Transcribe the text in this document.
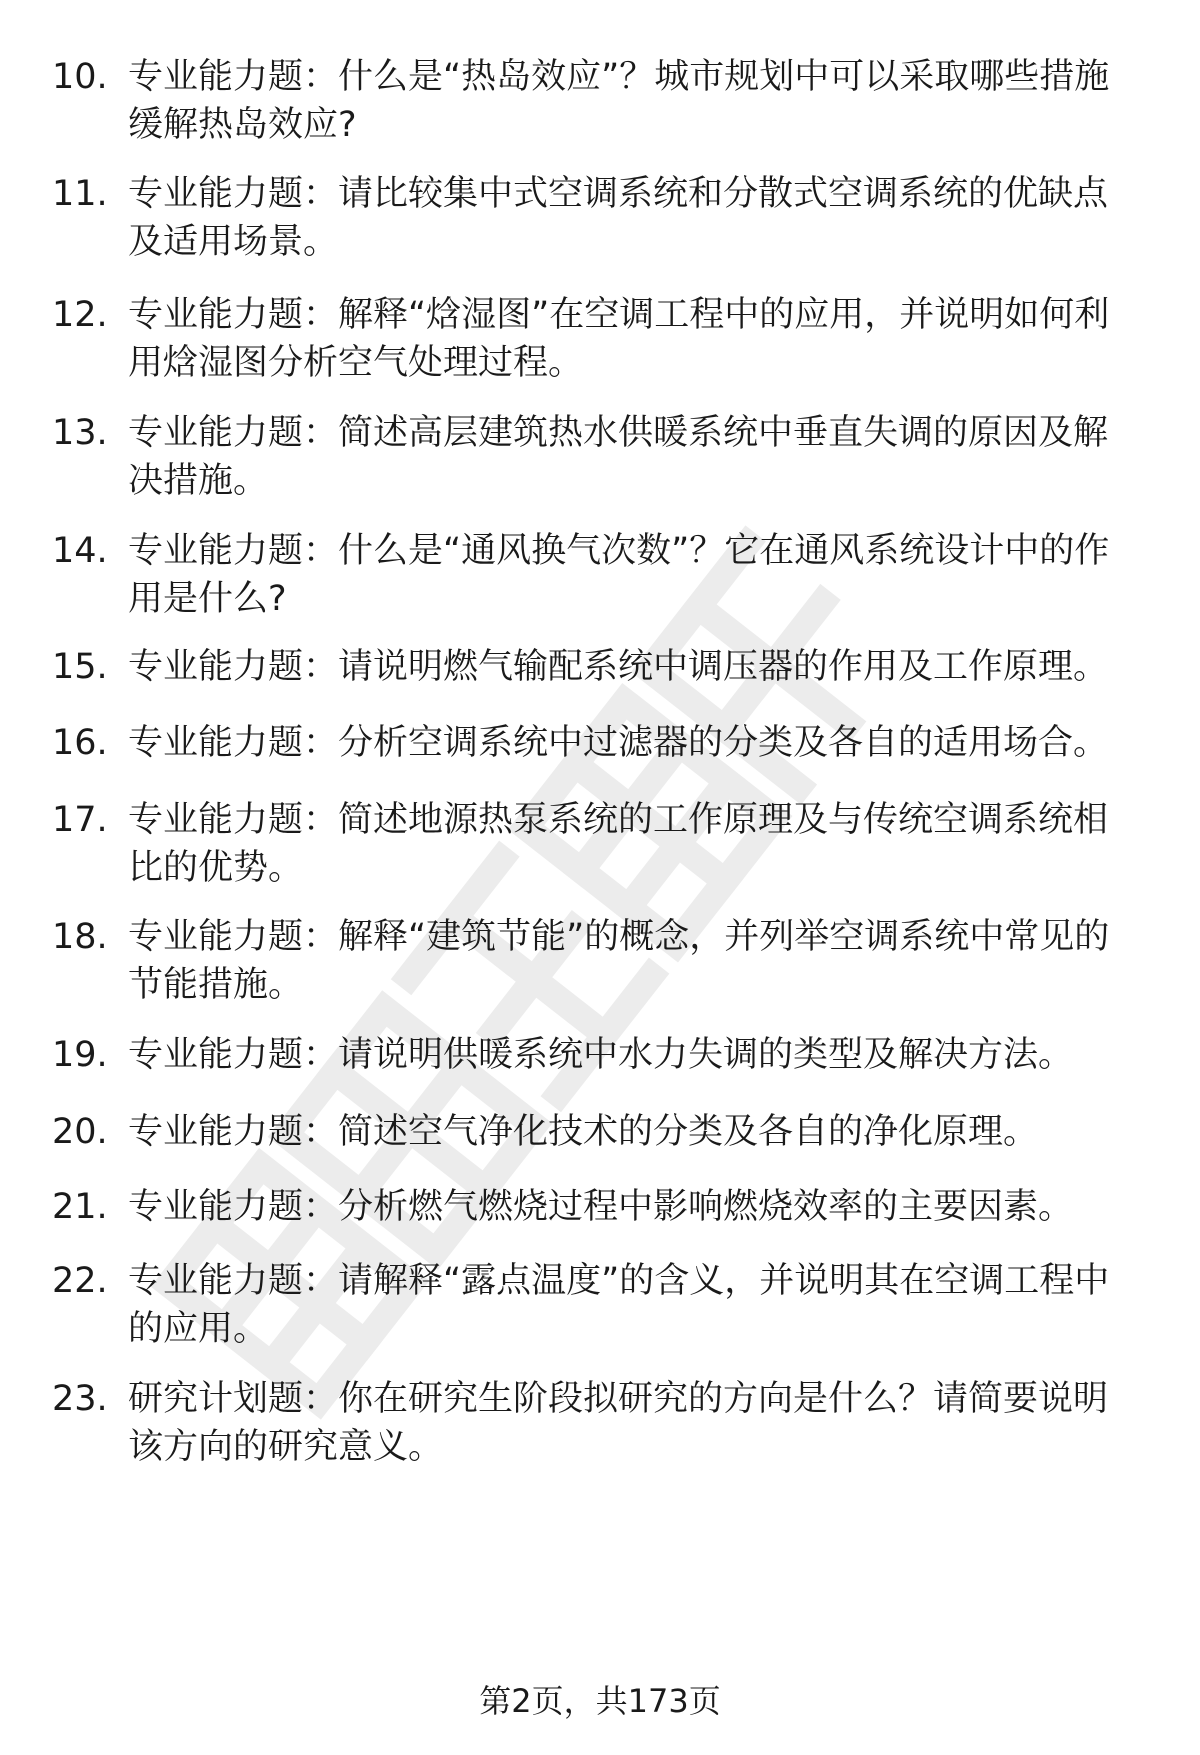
10. 专业能力题：什么是“热岛效应”？城市规划中可以采取哪些措施缓解热岛效应?
11. 专业能力题：请比较集中式空调系统和分散式空调系统的优缺点及适用场景。
12. 专业能力题：解释“焓湿图”在空调工程中的应用，并说明如何利用焓湿图分析空气处理过程。
13. 专业能力题：简述高层建筑热水供暖系统中垂直失调的原因及解决措施。
14. 专业能力题：什么是“通风换气次数”？它在通风系统设计中的作用是什么?
15. 专业能力题：请说明燃气输配系统中调压器的作用及工作原理。
16. 专业能力题：分析空调系统中过滤器的分类及各自的适用场合。
17. 专业能力题：简述地源热泵系统的工作原理及与传统空调系统相比的优势。
18. 专业能力题：解释“建筑节能”的概念，并列举空调系统中常见的节能措施。
19. 专业能力题：请说明供暖系统中水力失调的类型及解决方法。
20. 专业能力题：简述空气净化技术的分类及各自的净化原理。
21. 专业能力题：分析燃气燃烧过程中影响燃烧效率的主要因素。
22. 专业能力题：请解释“露点温度”的含义，并说明其在空调工程中的应用。
23. 研究计划题：你在研究生阶段拟研究的方向是什么？请简要说明该方向的研究意义。
第2页，共173页
